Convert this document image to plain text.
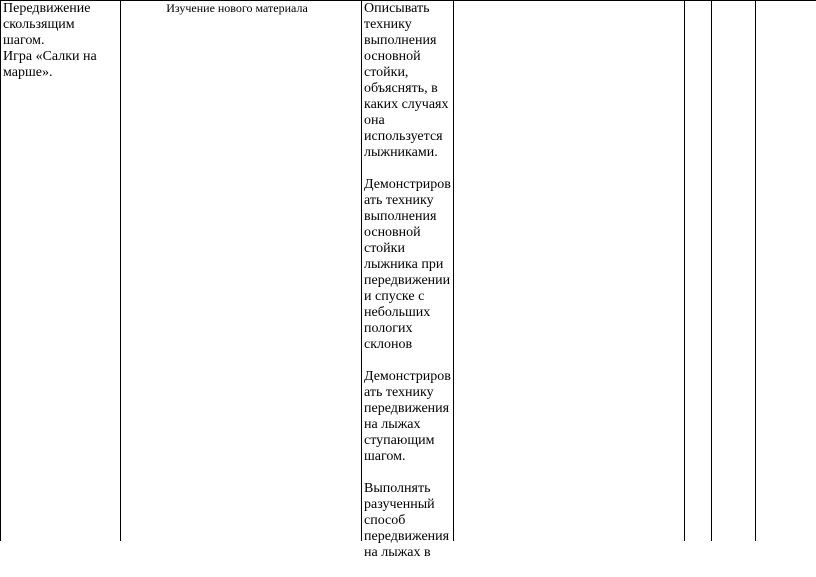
Передвижение
скользящим
шагом.
Игра «Салки на
марше».
Изучение нового материала	Описывать
технику
выполнения
основной
стойки,
объяснять, в
каких случаях
она
используется
лыжниками.
Демонстриров
ать технику
выполнения
основной
стойки
лыжника при
передвижении
и спуске с
небольших
пологих
склонов
Демонстриров
ать технику
передвижения
на лыжах
ступающим
шагом.
Выполнять
разученный
способ
передвижения
на лыжах в
